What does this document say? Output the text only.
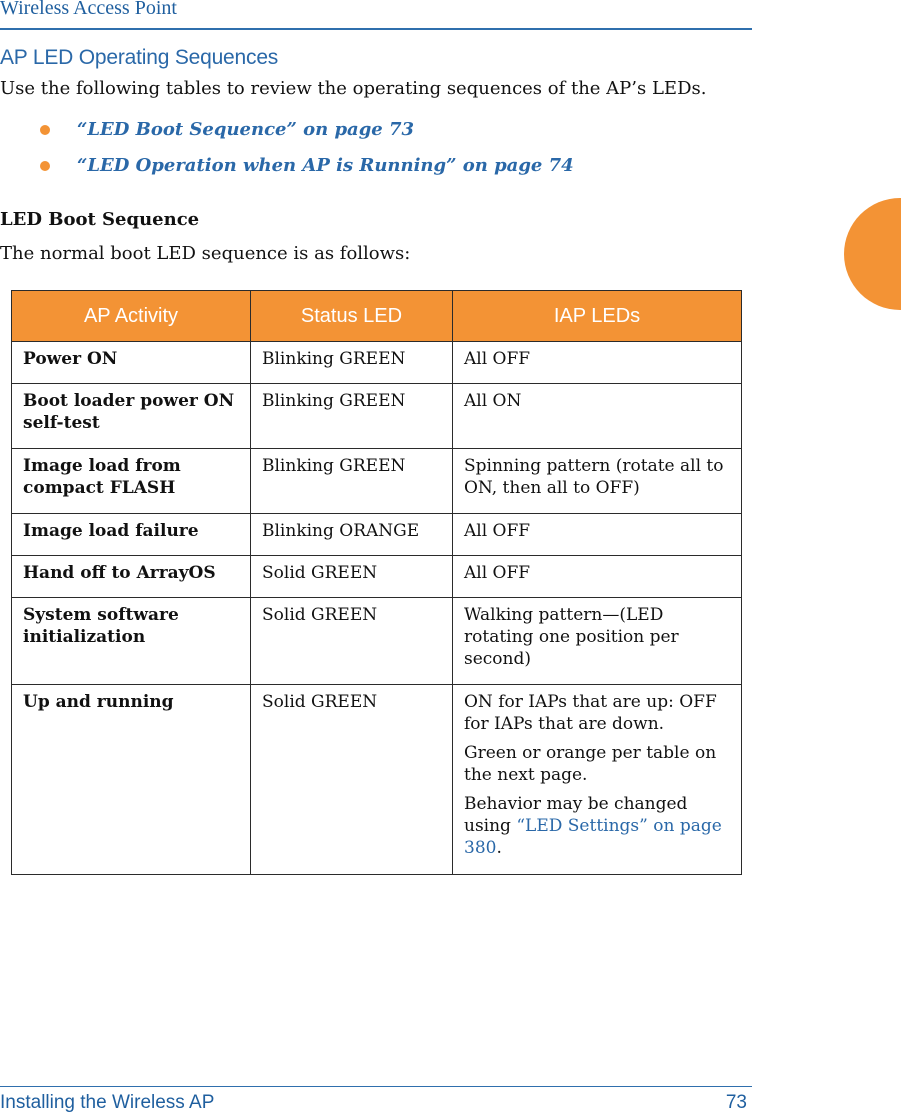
Wireless Access Point
AP LED Operating Sequences
Use the following tables to review the operating sequences of the AP’s LEDs.
“LED Boot Sequence” on page 73
“LED Operation when AP is Running” on page 74
LED Boot Sequence
The normal boot LED sequence is as follows:
AP Activity	Status LED	IAP LEDs
Power ON	Blinking GREEN	All OFF
Boot loader power ON self-test	Blinking GREEN	All ON
Image load from compact FLASH	Blinking GREEN	Spinning pattern (rotate all to ON, then all to OFF)
Image load failure	Blinking ORANGE	All OFF
Hand off to ArrayOS	Solid GREEN	All OFF
System software initialization	Solid GREEN	Walking pattern—(LED rotating one position per second)
Up and running	Solid GREEN	ON for IAPs that are up: OFF for IAPs that are down.

Green or orange per table on the next page.

Behavior may be changed using “LED Settings” on page 380.

Installing the Wireless AP	73
